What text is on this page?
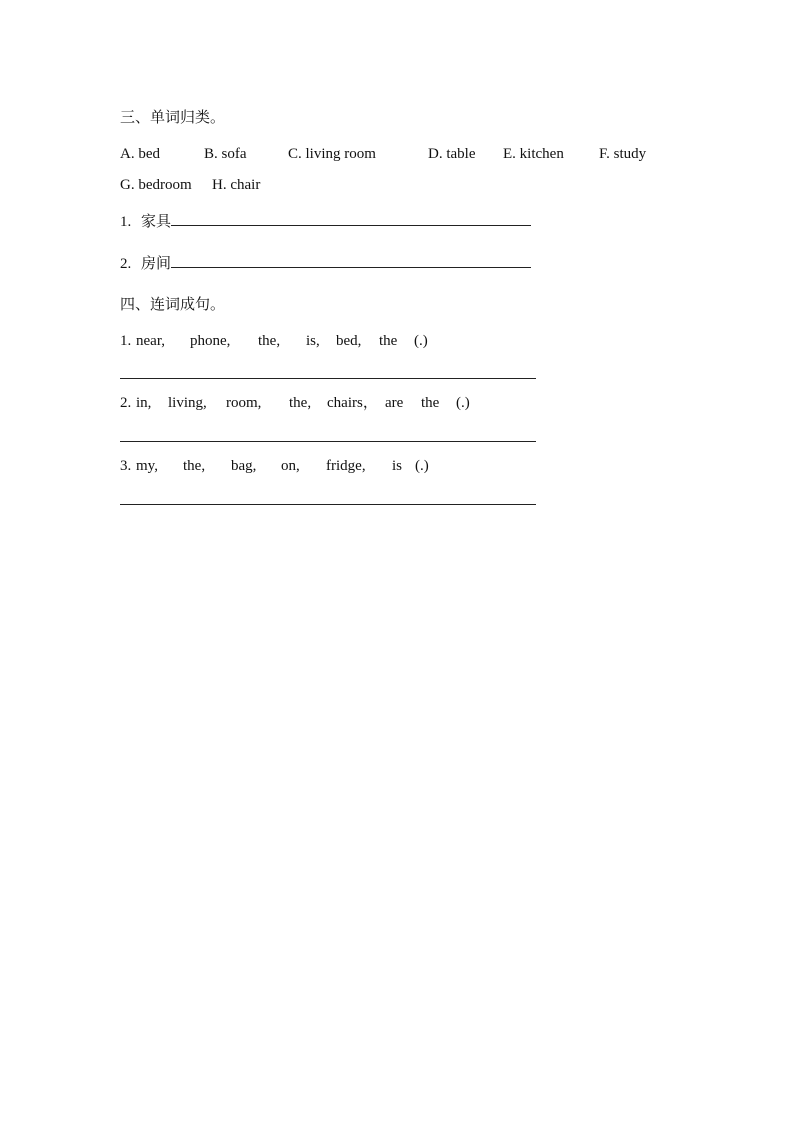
三、单词归类。
A. bed	B. sofa	C. living room	D. table E. kitchen F. study
G. bedroom H. chair
1. 家具
2. 房间
四、连词成句。
1. near, phone, the, is, bed, the (.)
2. in, living, room, the, chairs， are the (.)
3. my, the, bag, on, fridge, is (.)
